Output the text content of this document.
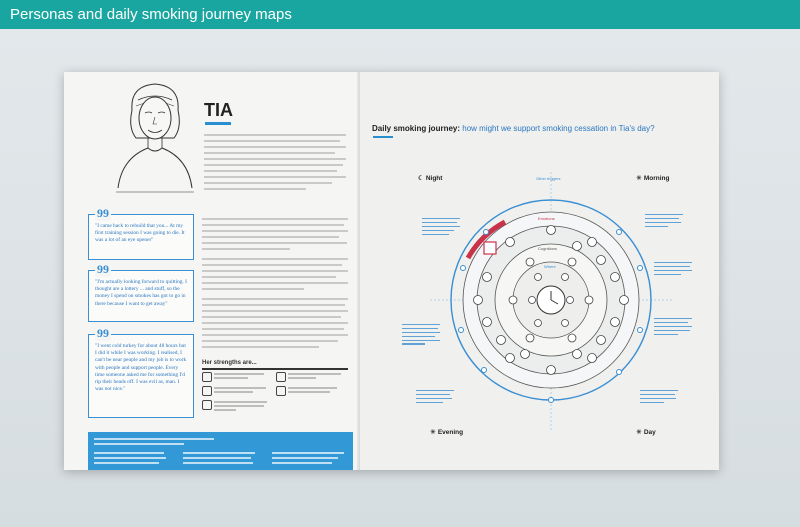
Personas and daily smoking journey maps
TIA
99
"I came back to rebuild that you... At my first training session I was going to die. It was a lot of an eye opener"
99
"I'm actually looking forward to quitting. I thought are a lottery ... and stuff, so the money I spend on smokes has got to go in there because I want to get away"
99
"I went cold turkey for about 48 hours but I did it while I was working. I realised, I can't be near people and my job is to work with people and support people. Every time someone asked me for something I'd rip their heads off. I was evil as, man. I was not nice."
Her strengths are...
Daily smoking journey: how might we support smoking cessation in Tia's day?
☾ Night	☀ Morning
☀ Evening	☀ Day
Other triggers
Emotions
Cognitions
Where
